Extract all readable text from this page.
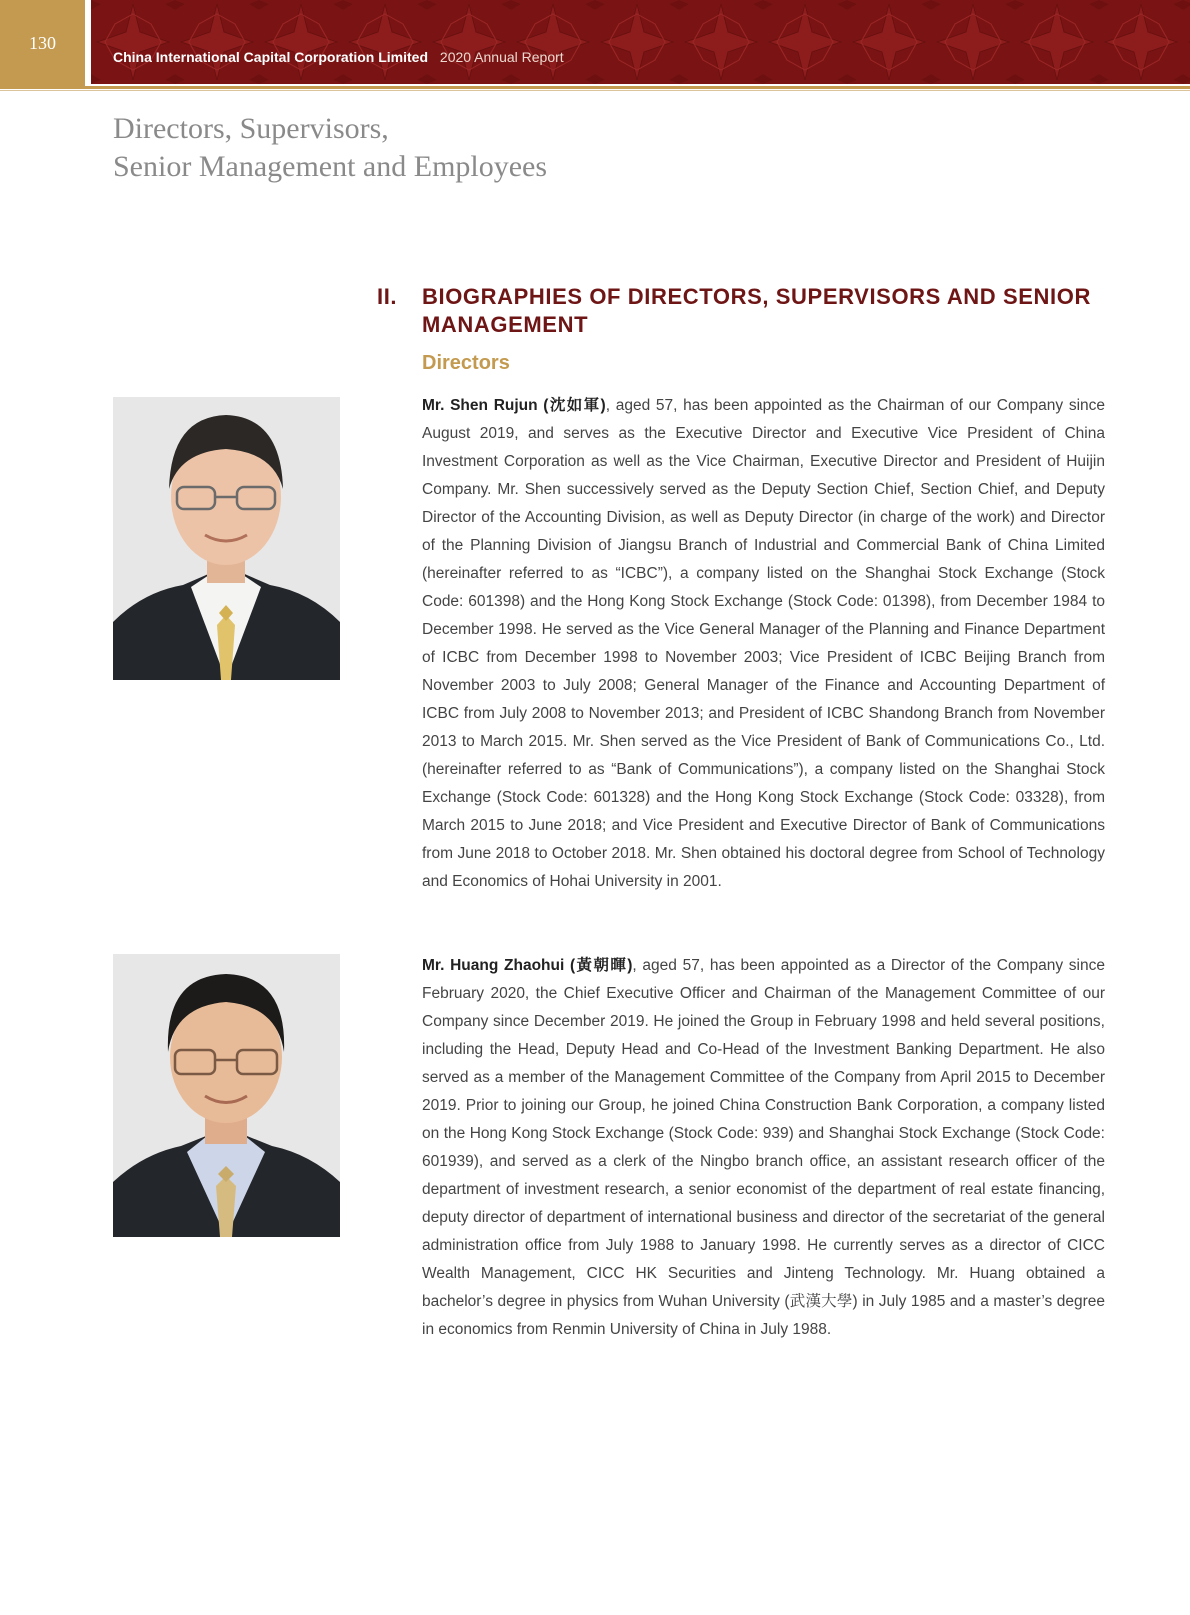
130
China International Capital Corporation Limited 2020 Annual Report
Directors, Supervisors,
Senior Management and Employees
II. BIOGRAPHIES OF DIRECTORS, SUPERVISORS AND SENIOR MANAGEMENT
Directors
Mr. Shen Rujun (沈如軍), aged 57, has been appointed as the Chairman of our Company since August 2019, and serves as the Executive Director and Executive Vice President of China Investment Corporation as well as the Vice Chairman, Executive Director and President of Huijin Company. Mr. Shen successively served as the Deputy Section Chief, Section Chief, and Deputy Director of the Accounting Division, as well as Deputy Director (in charge of the work) and Director of the Planning Division of Jiangsu Branch of Industrial and Commercial Bank of China Limited (hereinafter referred to as “ICBC”), a company listed on the Shanghai Stock Exchange (Stock Code: 601398) and the Hong Kong Stock Exchange (Stock Code: 01398), from December 1984 to December 1998. He served as the Vice General Manager of the Planning and Finance Department of ICBC from December 1998 to November 2003; Vice President of ICBC Beijing Branch from November 2003 to July 2008; General Manager of the Finance and Accounting Department of ICBC from July 2008 to November 2013; and President of ICBC Shandong Branch from November 2013 to March 2015. Mr. Shen served as the Vice President of Bank of Communications Co., Ltd. (hereinafter referred to as “Bank of Communications”), a company listed on the Shanghai Stock Exchange (Stock Code: 601328) and the Hong Kong Stock Exchange (Stock Code: 03328), from March 2015 to June 2018; and Vice President and Executive Director of Bank of Communications from June 2018 to October 2018. Mr. Shen obtained his doctoral degree from School of Technology and Economics of Hohai University in 2001.
Mr. Huang Zhaohui (黃朝暉), aged 57, has been appointed as a Director of the Company since February 2020, the Chief Executive Officer and Chairman of the Management Committee of our Company since December 2019. He joined the Group in February 1998 and held several positions, including the Head, Deputy Head and Co-Head of the Investment Banking Department. He also served as a member of the Management Committee of the Company from April 2015 to December 2019. Prior to joining our Group, he joined China Construction Bank Corporation, a company listed on the Hong Kong Stock Exchange (Stock Code: 939) and Shanghai Stock Exchange (Stock Code: 601939), and served as a clerk of the Ningbo branch office, an assistant research officer of the department of investment research, a senior economist of the department of real estate financing, deputy director of department of international business and director of the secretariat of the general administration office from July 1988 to January 1998. He currently serves as a director of CICC Wealth Management, CICC HK Securities and Jinteng Technology. Mr. Huang obtained a bachelor’s degree in physics from Wuhan University (武漢大學) in July 1985 and a master’s degree in economics from Renmin University of China in July 1988.
